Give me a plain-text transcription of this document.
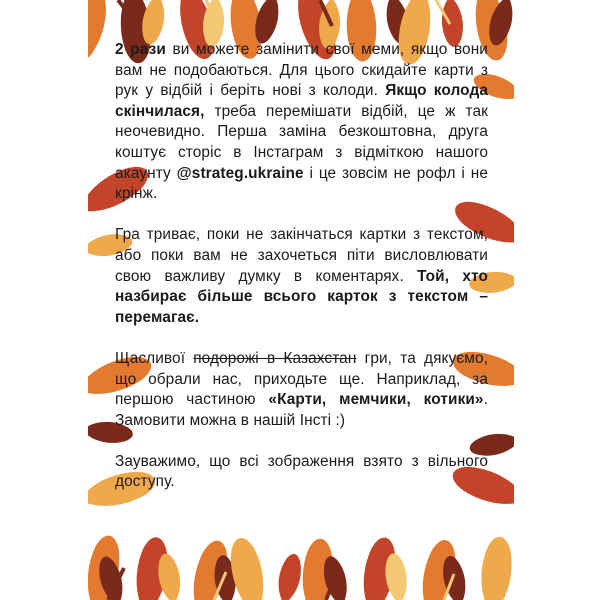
2 рази ви можете замінити свої меми, якщо вони вам не подобаються. Для цього скидайте карти з рук у відбій і беріть нові з колоди. Якщо колода скінчилася, треба перемішати відбій, це ж так неочевидно. Перша заміна безкоштовна, друга коштує сторіс в Інстаграм з відміткою нашого акаунту @strateg.ukraine і це зовсім не рофл і не крінж.

Гра триває, поки не закінчаться картки з текстом, або поки вам не захочеться піти висловлювати свою важливу думку в коментарях. Той, хто назбирає більше всього карток з текстом – перемагає.

Щасливої подорожі в Казахстан гри, та дякуємо, що обрали нас, приходьте ще. Наприклад, за першою частиною «Карти, мемчики, котики». Замовити можна в нашій Інсті :)

Зауважимо, що всі зображення взято з вільного доступу.
